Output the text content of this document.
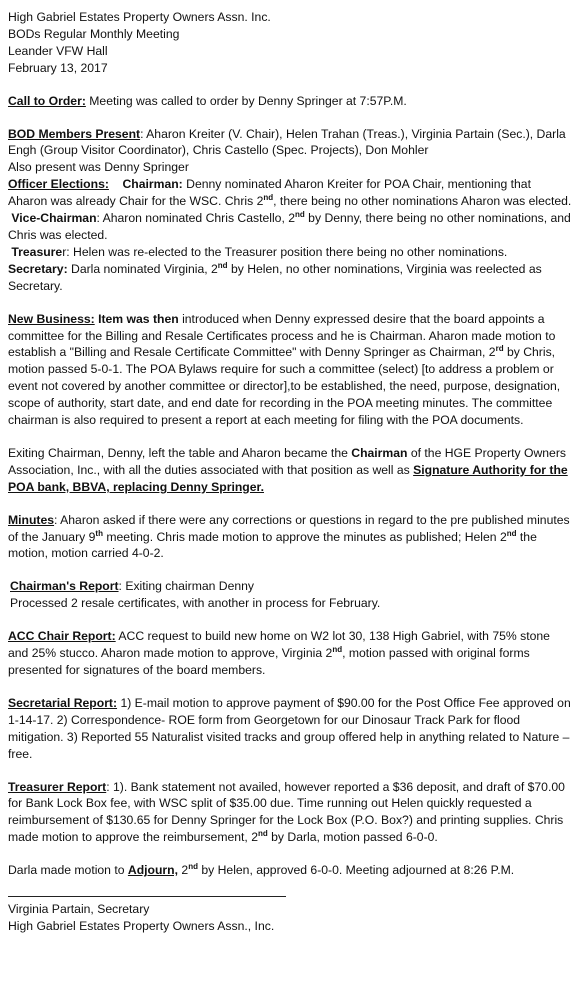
High Gabriel Estates Property Owners Assn. Inc.

BODs Regular Monthly Meeting

Leander VFW Hall

February 13, 2017

Call to Order: Meeting was called to order by Denny Springer at 7:57P.M.

BOD Members Present: Aharon Kreiter (V. Chair), Helen Trahan (Treas.), Virginia Partain (Sec.), Darla Engh (Group Visitor Coordinator), Chris Castello (Spec. Projects), Don Mohler

Also present was Denny Springer

Officer Elections: Chairman: Denny nominated Aharon Kreiter for POA Chair, mentioning that Aharon was already Chair for the WSC. Chris 2nd, there being no other nominations Aharon was elected.

Vice-Chairman: Aharon nominated Chris Castello, 2nd by Denny, there being no other nominations, and Chris was elected.

Treasurer: Helen was re-elected to the Treasurer position there being no other nominations.

Secretary: Darla nominated Virginia, 2nd by Helen, no other nominations, Virginia was reelected as Secretary.

New Business: Item was then introduced when Denny expressed desire that the board appoints a committee for the Billing and Resale Certificates process and he is Chairman. Aharon made motion to establish a "Billing and Resale Certificate Committee" with Denny Springer as Chairman, 2rd by Chris, motion passed 5-0-1. The POA Bylaws require for such a committee (select) [to address a problem or event not covered by another committee or director],to be established, the need, purpose, designation, scope of authority, start date, and end date for recording in the POA meeting minutes. The committee chairman is also required to present a report at each meeting for filing with the POA documents.

Exiting Chairman, Denny, left the table and Aharon became the Chairman of the HGE Property Owners Association, Inc., with all the duties associated with that position as well as Signature Authority for the POA bank, BBVA, replacing Denny Springer.

Minutes: Aharon asked if there were any corrections or questions in regard to the pre published minutes of the January 9th meeting. Chris made motion to approve the minutes as published; Helen 2nd the motion, motion carried 4-0-2.

Chairman's Report: Exiting chairman Denny

Processed 2 resale certificates, with another in process for February.

ACC Chair Report: ACC request to build new home on W2 lot 30, 138 High Gabriel, with 75% stone and 25% stucco. Aharon made motion to approve, Virginia 2nd, motion passed with original forms presented for signatures of the board members.

Secretarial Report: 1) E-mail motion to approve payment of $90.00 for the Post Office Fee approved on 1-14-17. 2) Correspondence- ROE form from Georgetown for our Dinosaur Track Park for flood mitigation. 3) Reported 55 Naturalist visited tracks and group offered help in anything related to Nature – free.

Treasurer Report: 1). Bank statement not availed, however reported a $36 deposit, and draft of $70.00 for Bank Lock Box fee, with WSC split of $35.00 due. Time running out Helen quickly requested a reimbursement of $130.65 for Denny Springer for the Lock Box (P.O. Box?) and printing supplies. Chris made motion to approve the reimbursement, 2nd by Darla, motion passed 6-0-0.

Darla made motion to Adjourn, 2nd by Helen, approved 6-0-0. Meeting adjourned at 8:26 P.M.

Virginia Partain, Secretary

High Gabriel Estates Property Owners Assn., Inc.
